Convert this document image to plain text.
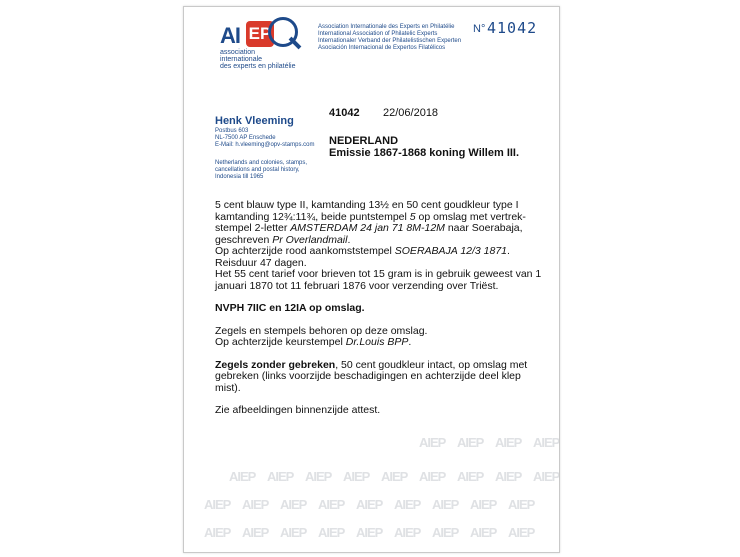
AIEP AIEP AIEP AIEP
AIEP AIEP AIEP AIEP AIEP AIEP AIEP AIEP AIEP
AIEP AIEP AIEP AIEP AIEP AIEP AIEP AIEP AIEP
AIEP AIEP AIEP AIEP AIEP AIEP AIEP AIEP AIEP
AI EP
association
internationale
des experts en philatélie
Association Internationale des Experts en Philatélie
International Association of Philatelic Experts
Internationaler Verband der Philatelistischen Experten
Asociación Internacional de Expertos Filatélicos
N° 41042
Henk Vleeming
Postbus 603
NL-7500 AP Enschede
E-Mail: h.vleeming@opv-stamps.com
Netherlands and colonies, stamps,
cancellations and postal history,
Indonesia till 1965
41042 22/06/2018
NEDERLAND
Emissie 1867-1868 koning Willem III.

5 cent blauw type II, kamtanding 13½ en 50 cent goudkleur type I kamtanding 12¾:11¾, beide puntstempel 5 op omslag met vertrek-stempel 2-letter AMSTERDAM 24 jan 71 8M-12M naar Soerabaja, geschreven Pr Overlandmail.

Op achterzijde rood aankomststempel SOERABAJA 12/3 1871.

Reisduur 47 dagen.

Het 55 cent tarief voor brieven tot 15 gram is in gebruik geweest van 1 januari 1870 tot 11 februari 1876 voor verzending over Triëst.

NVPH 7IIC en 12IA op omslag.

Zegels en stempels behoren op deze omslag.

Op achterzijde keurstempel Dr.Louis BPP.

Zegels zonder gebreken, 50 cent goudkleur intact, op omslag met gebreken (links voorzijde beschadigingen en achterzijde deel klep mist).

Zie afbeeldingen binnenzijde attest.
